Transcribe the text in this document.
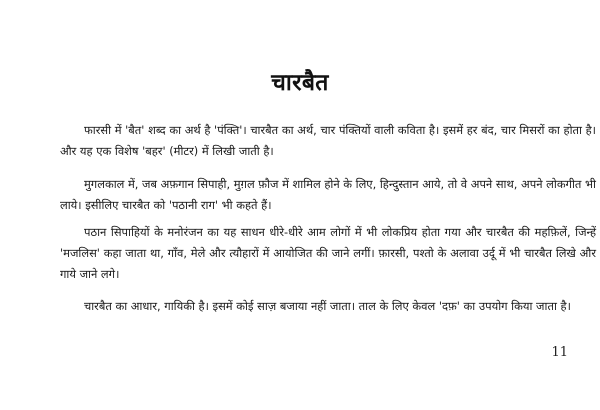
चारबैत

फारसी में 'बैत' शब्द का अर्थ है 'पंक्ति'। चारबैत का अर्थ, चार पंक्तियों वाली कविता है। इसमें हर बंद, चार मिसरों का होता है। और यह एक विशेष 'बहर' (मीटर) में लिखी जाती है।

मुगलकाल में, जब अफ़गान सिपाही, मुग़ल फ़ौज में शामिल होने के लिए, हिन्दुस्तान आये, तो वे अपने साथ, अपने लोकगीत भी लाये। इसीलिए चारबैत को 'पठानी राग' भी कहते हैं।

पठान सिपाहियों के मनोरंजन का यह साधन धीरे-धीरे आम लोगों में भी लोकप्रिय होता गया और चारबैत की महफ़िलें, जिन्हें 'मजलिस' कहा जाता था, गाँव, मेले और त्यौहारों में आयोजित की जाने लगीं। फ़ारसी, पश्तो के अलावा उर्दू में भी चारबैत लिखे और गाये जाने लगे।

चारबैत का आधार, गायिकी है। इसमें कोई साज़ बजाया नहीं जाता। ताल के लिए केवल 'दफ़' का उपयोग किया जाता है।

11
